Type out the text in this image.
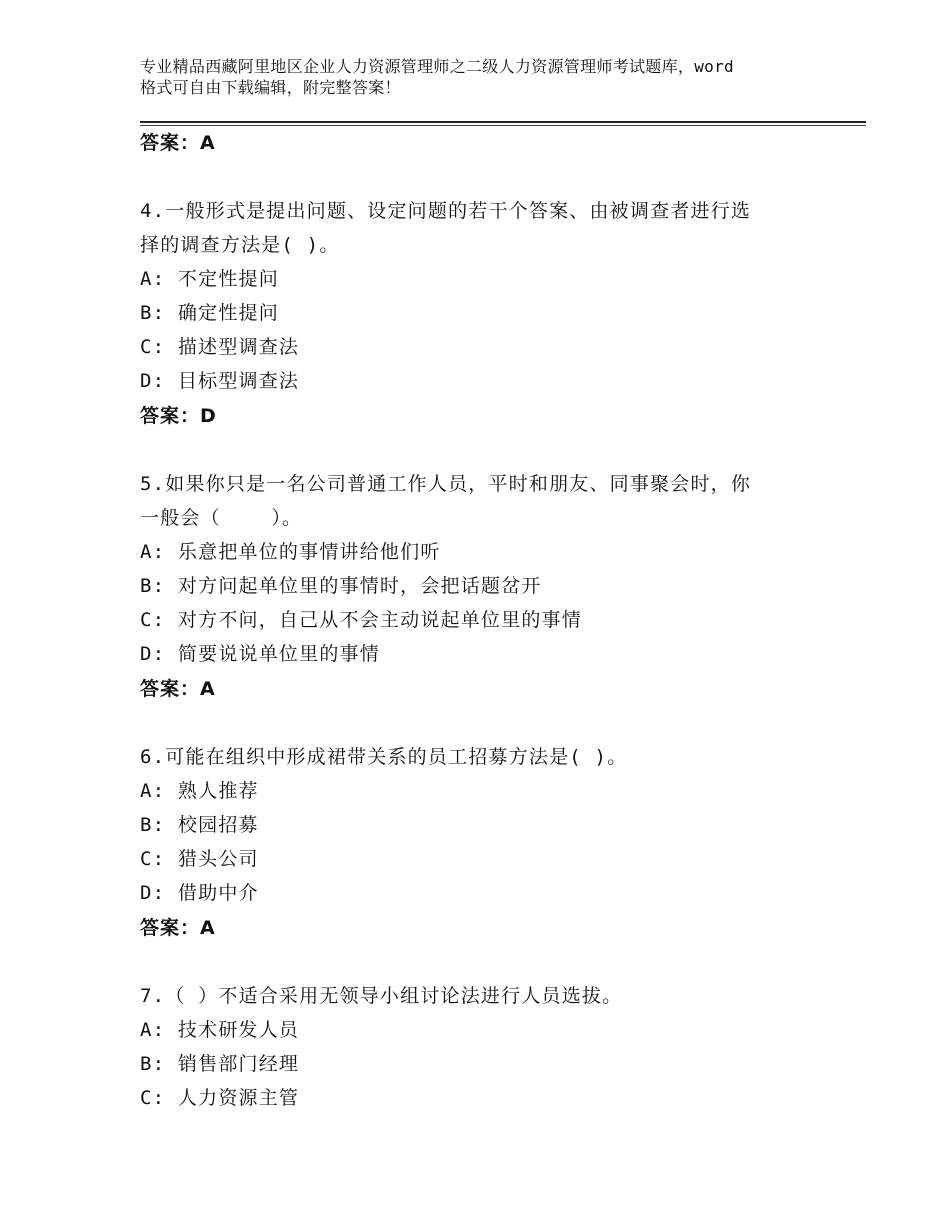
专业精品西藏阿里地区企业人力资源管理师之二级人力资源管理师考试题库，word
格式可自由下载编辑，附完整答案！
答案：A
4.一般形式是提出问题、设定问题的若干个答案、由被调查者进行选
择的调查方法是( )。
A: 不定性提问
B: 确定性提问
C: 描述型调查法
D: 目标型调查法
答案：D
5.如果你只是一名公司普通工作人员，平时和朋友、同事聚会时，你
一般会（    ）。
A: 乐意把单位的事情讲给他们听
B: 对方问起单位里的事情时，会把话题岔开
C: 对方不问，自己从不会主动说起单位里的事情
D: 简要说说单位里的事情
答案：A
6.可能在组织中形成裙带关系的员工招募方法是( )。
A: 熟人推荐
B: 校园招募
C: 猎头公司
D: 借助中介
答案：A
7.（ ）不适合采用无领导小组讨论法进行人员选拔。
A: 技术研发人员
B: 销售部门经理
C: 人力资源主管
